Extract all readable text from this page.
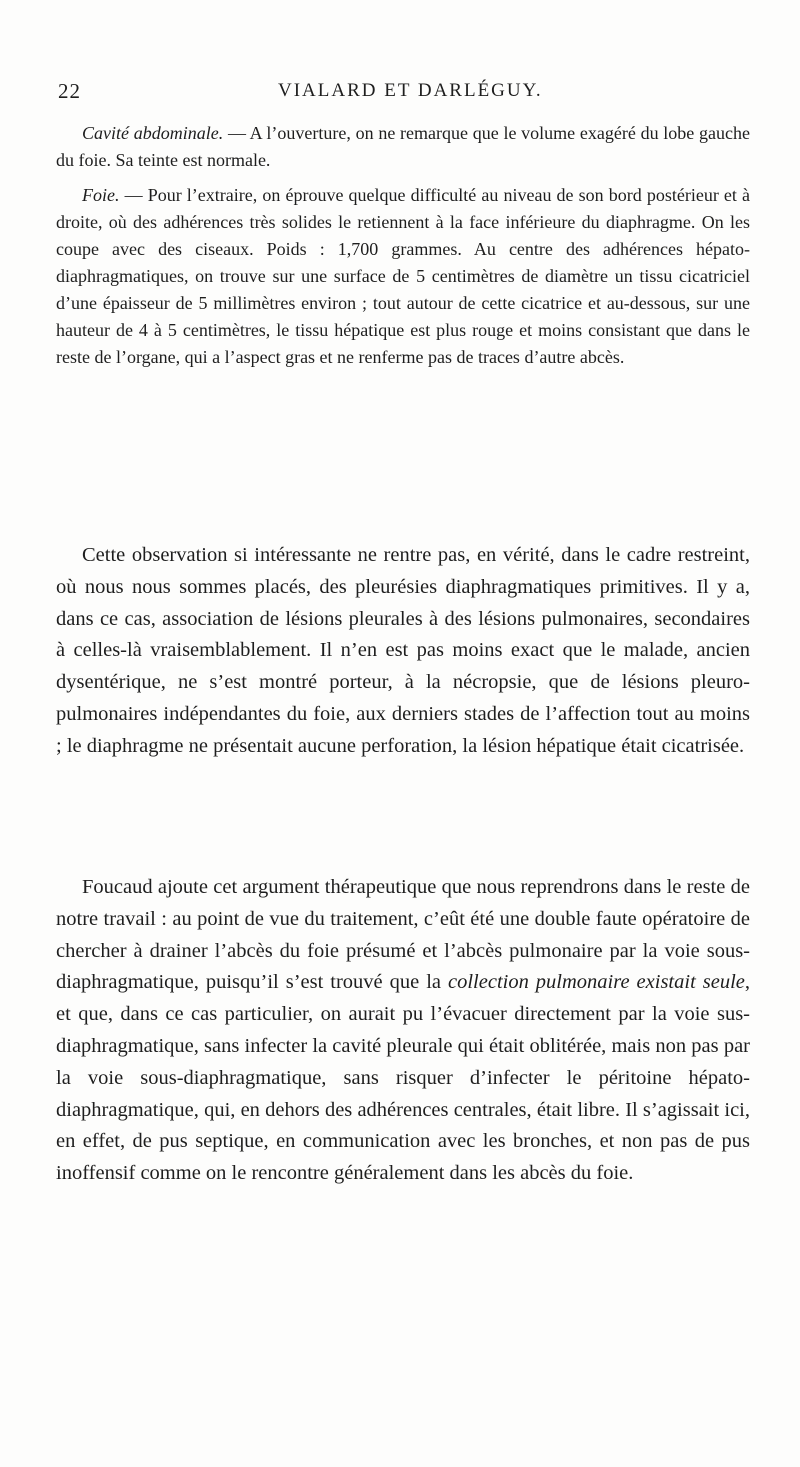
22	VIALARD ET DARLÉGUY.

Cavité abdominale. — A l’ouverture, on ne remarque que le volume exagéré du lobe gauche du foie. Sa teinte est normale.

Foie. — Pour l’extraire, on éprouve quelque difficulté au niveau de son bord postérieur et à droite, où des adhérences très solides le retiennent à la face inférieure du diaphragme. On les coupe avec des ciseaux. Poids : 1,700 grammes. Au centre des adhérences hépato-diaphragmatiques, on trouve sur une surface de 5 centimètres de diamètre un tissu cicatriciel d’une épaisseur de 5 millimètres environ ; tout autour de cette cicatrice et au-dessous, sur une hauteur de 4 à 5 centimètres, le tissu hépatique est plus rouge et moins consistant que dans le reste de l’organe, qui a l’aspect gras et ne renferme pas de traces d’autre abcès.

Cette observation si intéressante ne rentre pas, en vérité, dans le cadre restreint, où nous nous sommes placés, des pleurésies diaphragmatiques primitives. Il y a, dans ce cas, association de lésions pleurales à des lésions pulmonaires, secondaires à celles-là vraisemblablement. Il n’en est pas moins exact que le malade, ancien dysentérique, ne s’est montré porteur, à la nécropsie, que de lésions pleuro-pulmonaires indépendantes du foie, aux derniers stades de l’affection tout au moins ; le diaphragme ne présentait aucune perforation, la lésion hépatique était cicatrisée.

Foucaud ajoute cet argument thérapeutique que nous reprendrons dans le reste de notre travail : au point de vue du traitement, c’eût été une double faute opératoire de chercher à drainer l’abcès du foie présumé et l’abcès pulmonaire par la voie sous-diaphragmatique, puisqu’il s’est trouvé que la collection pulmonaire existait seule, et que, dans ce cas particulier, on aurait pu l’évacuer directement par la voie sus-diaphragmatique, sans infecter la cavité pleurale qui était oblitérée, mais non pas par la voie sous-diaphragmatique, sans risquer d’infecter le péritoine hépato-diaphragmatique, qui, en dehors des adhérences centrales, était libre. Il s’agissait ici, en effet, de pus septique, en communication avec les bronches, et non pas de pus inoffensif comme on le rencontre généralement dans les abcès du foie.
